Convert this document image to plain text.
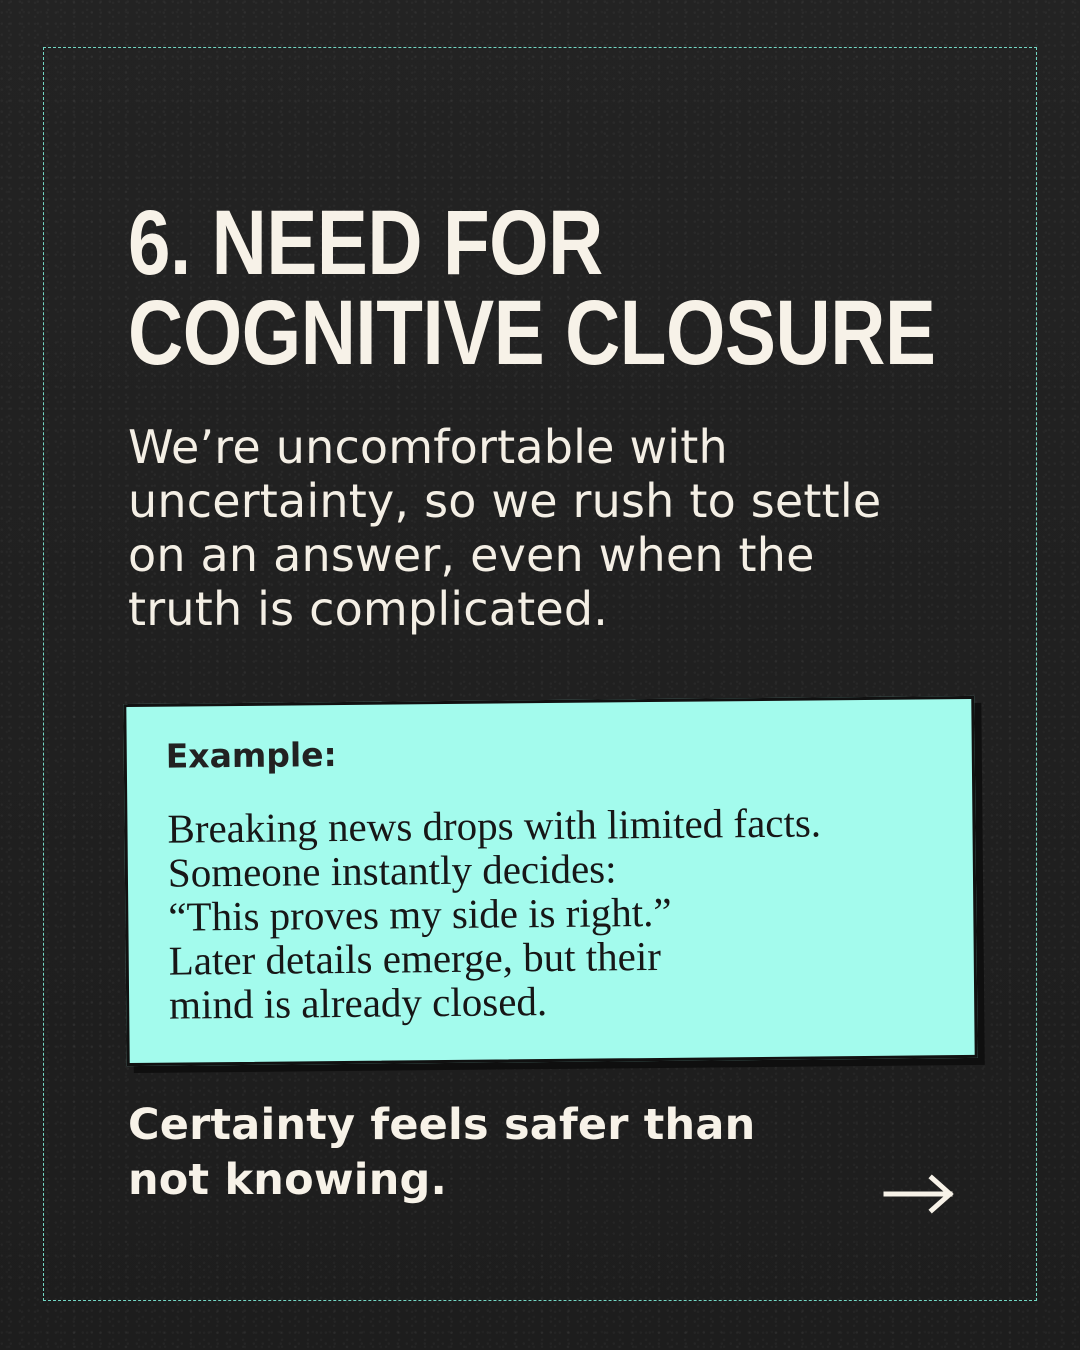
6. NEED FOR
COGNITIVE CLOSURE

We’re uncomfortable with
uncertainty, so we rush to settle
on an answer, even when the
truth is complicated.

Example:

Breaking news drops with limited facts.
Someone instantly decides:
“This proves my side is right.”
Later details emerge, but their
mind is already closed.

Certainty feels safer than
not knowing.
